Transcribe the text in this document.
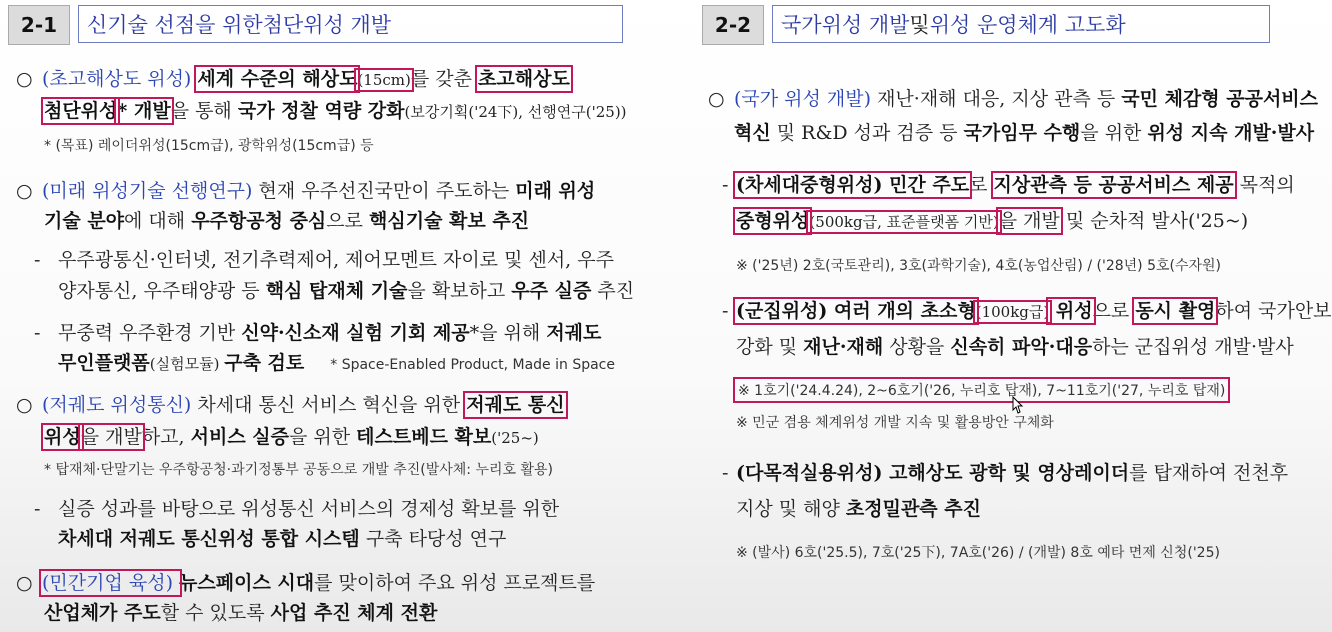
2-1	신기술 선점을 위한 첨단위성 개발
○ (초고해상도 위성) 세계 수준의 해상도(15cm)를 갖춘 초고해상도
첨단위성* 개발을 통해 국가 정찰 역량 강화(보강기획('24下), 선행연구('25))
* (목표) 레이더위성(15cm급), 광학위성(15cm급) 등
○ (미래 위성기술 선행연구) 현재 우주선진국만이 주도하는 미래 위성
기술 분야에 대해 우주항공청 중심으로 핵심기술 확보 추진
- 우주광통신·인터넷, 전기추력제어, 제어모멘트 자이로 및 센서, 우주
양자통신, 우주태양광 등 핵심 탑재체 기술을 확보하고 우주 실증 추진
- 무중력 우주환경 기반 신약·신소재 실험 기회 제공*을 위해 저궤도
무인플랫폼(실험모듈) 구축 검토 * Space-Enabled Product, Made in Space
○ (저궤도 위성통신) 차세대 통신 서비스 혁신을 위한 저궤도 통신
위성을 개발하고, 서비스 실증을 위한 테스트베드 확보('25~)
* 탑재체·단말기는 우주항공청·과기정통부 공동으로 개발 추진(발사체: 누리호 활용)
- 실증 성과를 바탕으로 위성통신 서비스의 경제성 확보를 위한
차세대 저궤도 통신위성 통합 시스템 구축 타당성 연구
○ (민간기업 육성) 뉴스페이스 시대를 맞이하여 주요 위성 프로젝트를
산업체가 주도할 수 있도록 사업 추진 체계 전환
2-2	국가위성 개발 및 위성 운영체계 고도화
○ (국가 위성 개발) 재난·재해 대응, 지상 관측 등 국민 체감형 공공서비스
혁신 및 R&D 성과 검증 등 국가임무 수행을 위한 위성 지속 개발·발사
- (차세대중형위성) 민간 주도로 지상관측 등 공공서비스 제공 목적의
중형위성(500kg급, 표준플랫폼 기반)을 개발 및 순차적 발사('25~)
※ ('25년) 2호(국토관리), 3호(과학기술), 4호(농업산림) / ('28년) 5호(수자원)
- (군집위성) 여러 개의 초소형(100kg급) 위성으로 동시 촬영하여 국가안보
강화 및 재난·재해 상황을 신속히 파악·대응하는 군집위성 개발·발사
※ 1호기('24.4.24), 2~6호기('26, 누리호 탑재), 7~11호기('27, 누리호 탑재)
※ 민군 겸용 체계위성 개발 지속 및 활용방안 구체화
- (다목적실용위성) 고해상도 광학 및 영상레이더를 탑재하여 전천후
지상 및 해양 초정밀관측 추진
※ (발사) 6호('25.5), 7호('25下), 7A호('26) / (개발) 8호 예타 면제 신청('25)
